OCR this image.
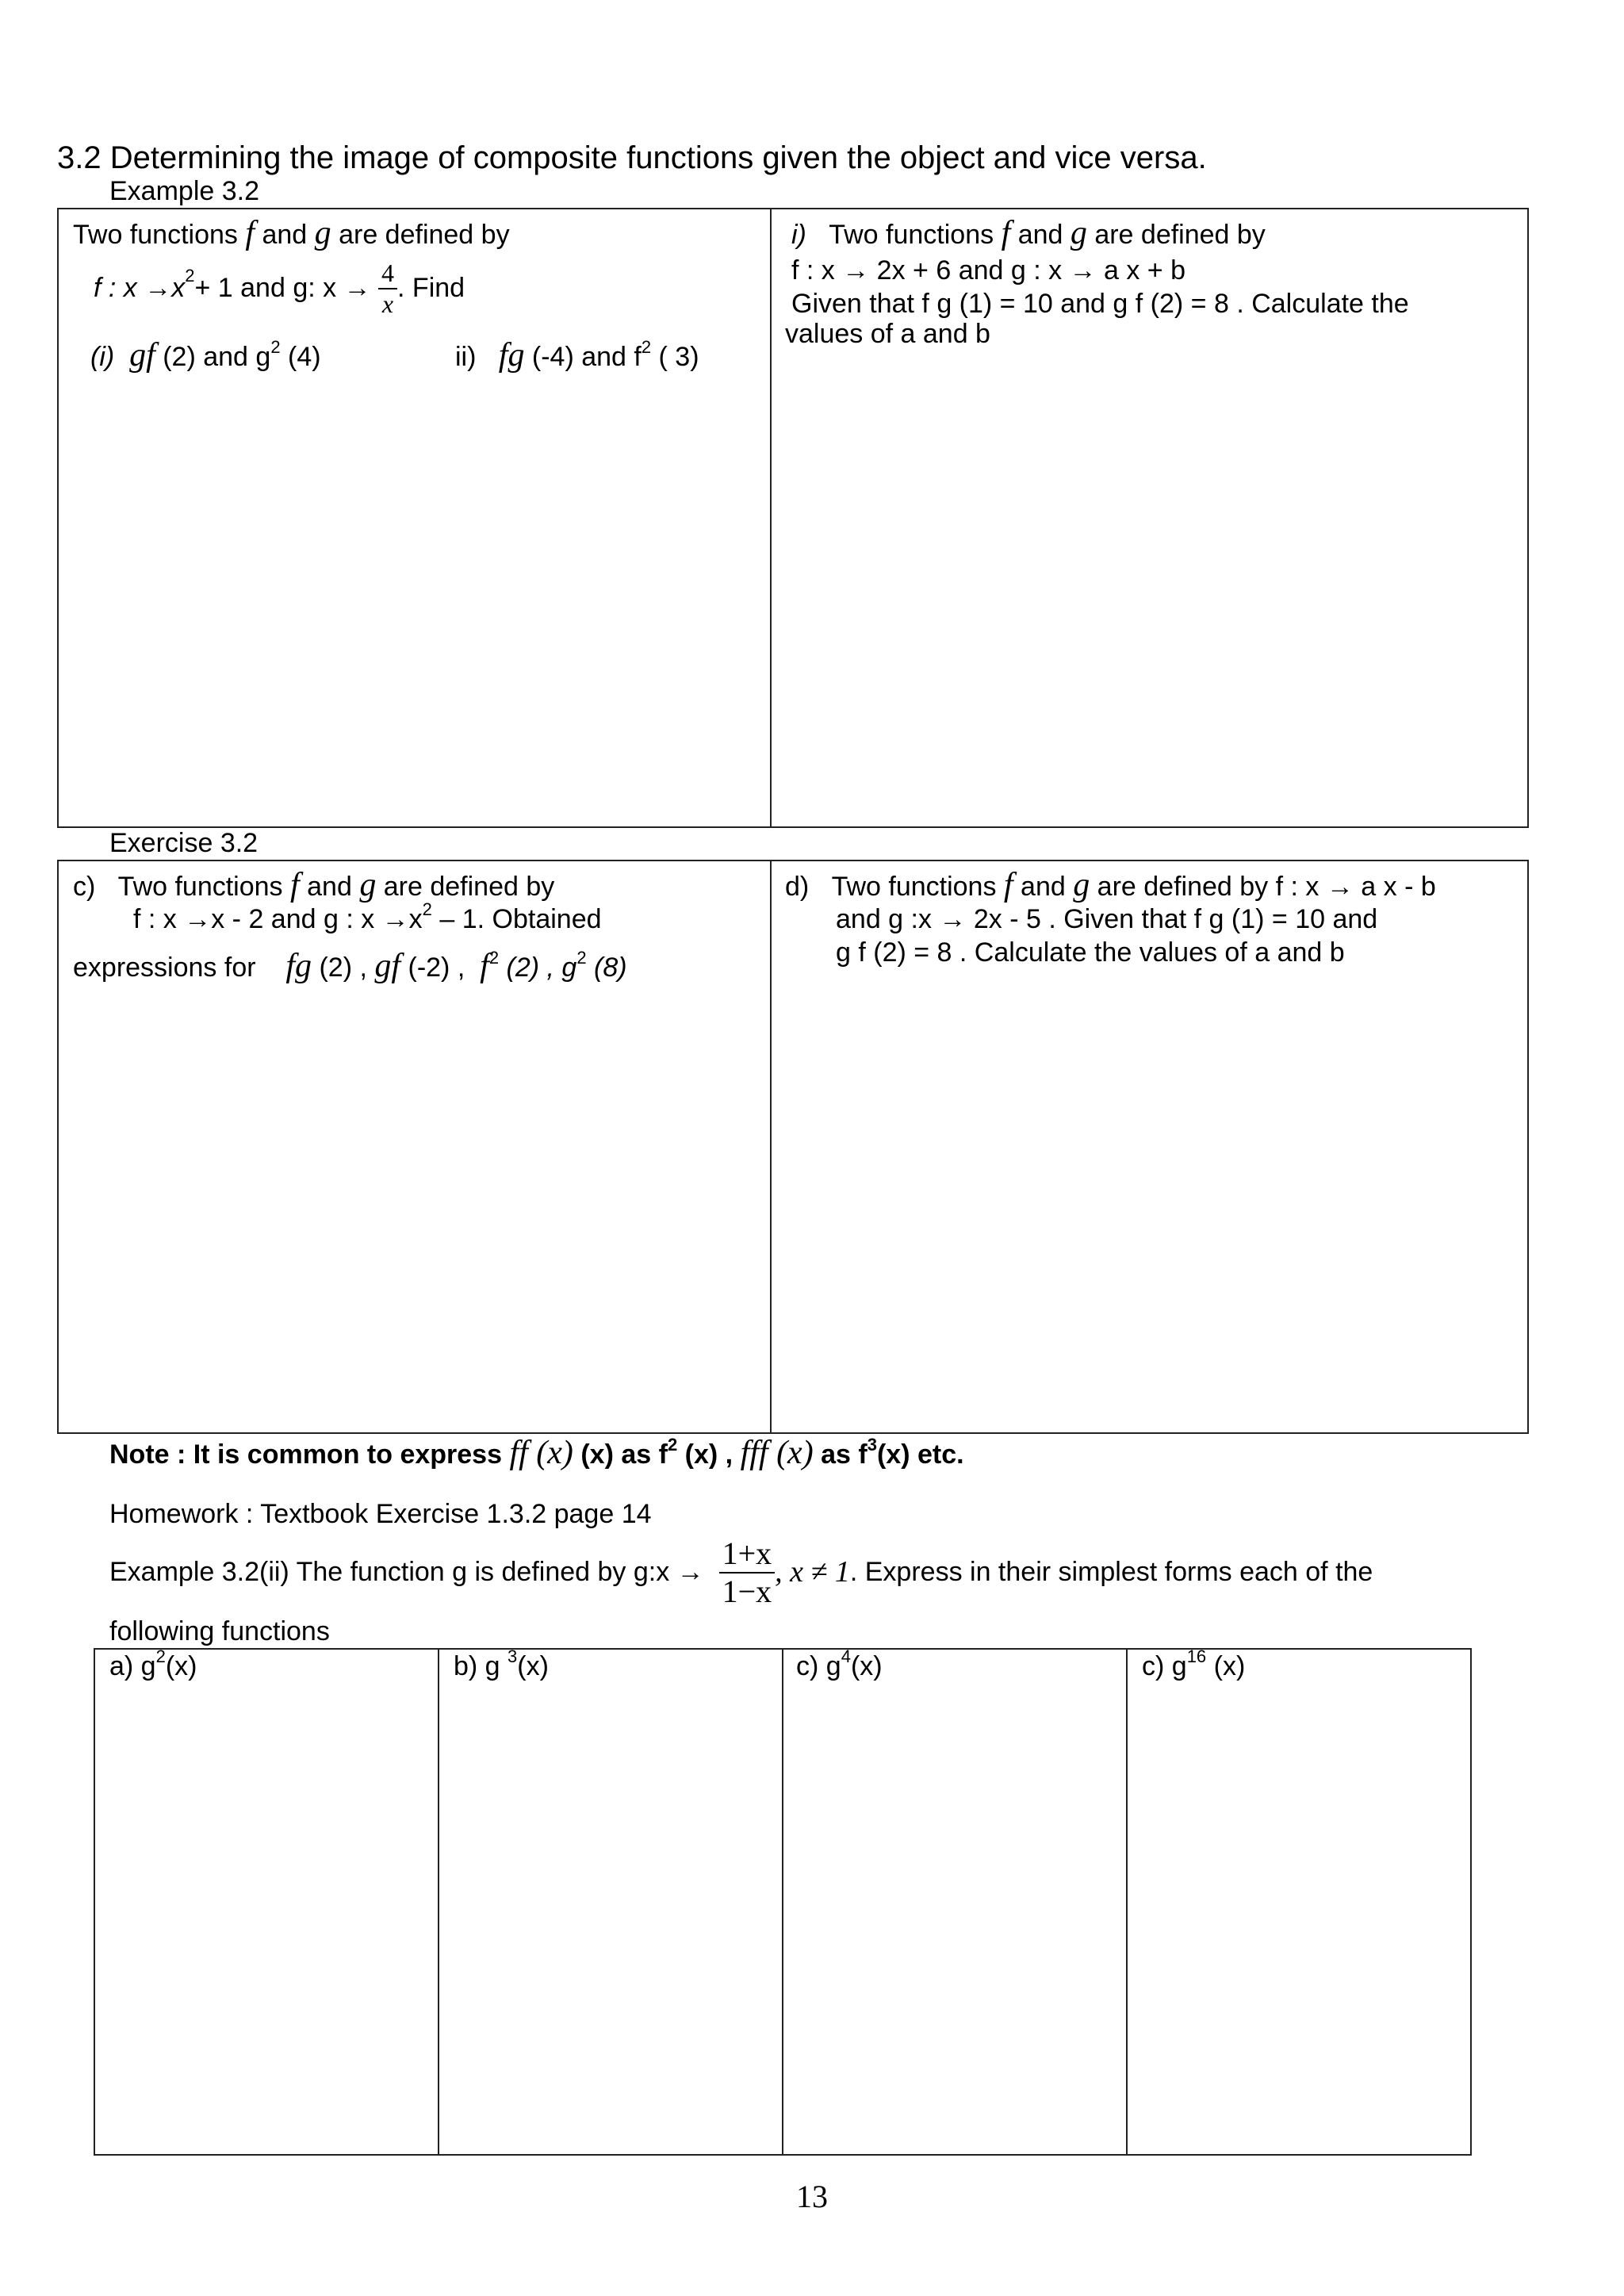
3.2 Determining the image of composite functions given the object and vice versa.
Example 3.2
Two functions f and g are defined by
f : x →x 2 + 1 and
g: x →
$\frac{4}{x}$ . Find
(i) gf (2) and $g^2$ (4)	ii) fg (-4) and $f^2$ ( 3)
i) Two functions f and g are defined by
f : x → 2x + 6 and g : x → a x + b
Given that f g (1) = 10 and g f (2) = 8 . Calculate the
values of a and b
Exercise 3.2
c) Two functions f and g are defined by
f : x →x - 2 and g : $x \to x^2 - 1$. Obtained
expressions for fg (2) , gf (-2) , $f^2$ (2) , $g^2$ (8)
d) Two functions f and g are defined by f : x → a x - b
and g :x → 2x - 5 . Given that f g (1) = 10 and
g f (2) = 8 . Calculate the values of a and b
Note : It is common to express ff (x) (x) as $f^2$ (x) , fff (x) as $f^3(x)$ etc.
Homework : Textbook Exercise 1.3.2 page 14
Example 3.2(ii) The function g is defined by g:x →
$\frac{1+x}{1-x}$ , x ≠ 1 . Express in their simplest forms each of the
following functions
a) $g^2(x)$	b) g $^3$(x)	c) $g^4(x)$	c) $g^{16}$ (x)
13
